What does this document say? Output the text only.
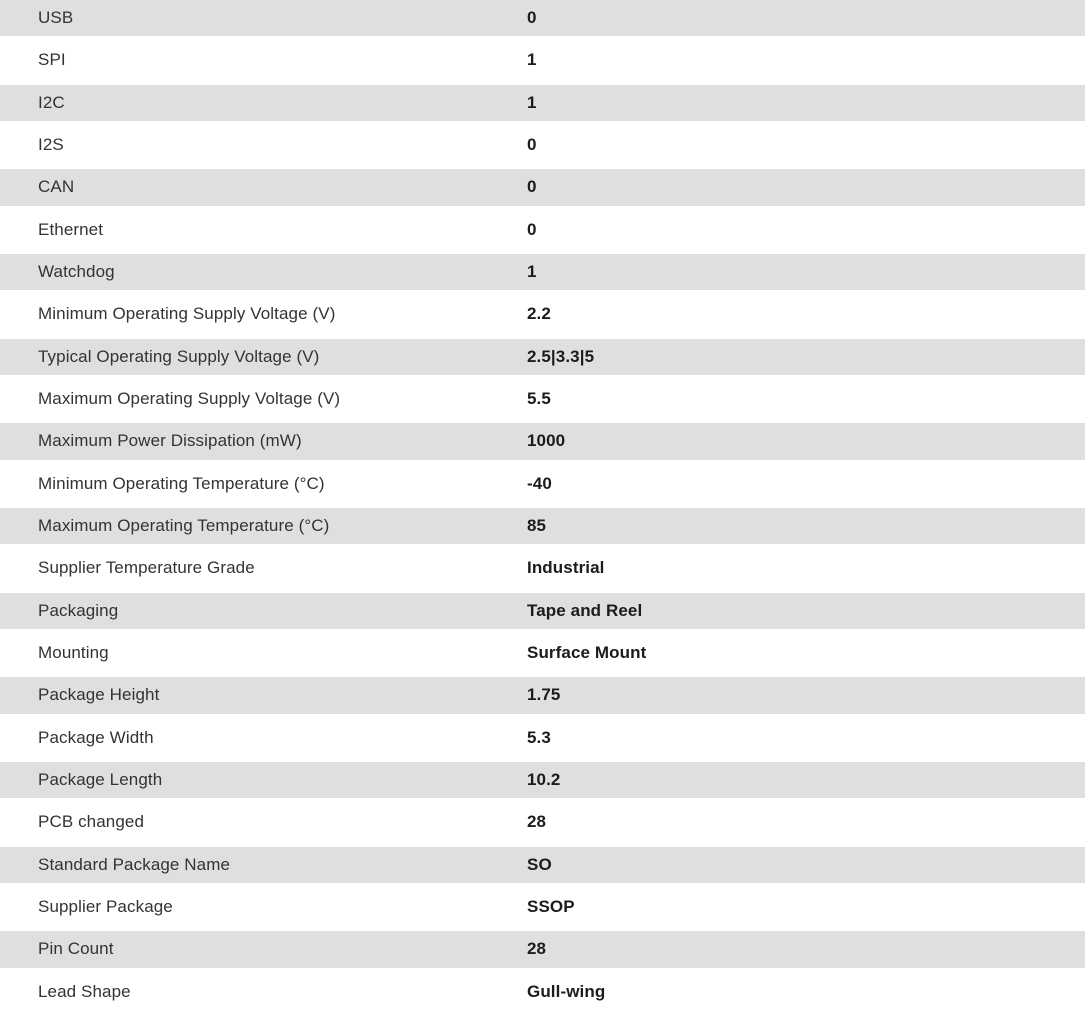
USB	0
SPI	1
I2C	1
I2S	0
CAN	0
Ethernet	0
Watchdog	1
Minimum Operating Supply Voltage (V)	2.2
Typical Operating Supply Voltage (V)	2.5|3.3|5
Maximum Operating Supply Voltage (V)	5.5
Maximum Power Dissipation (mW)	1000
Minimum Operating Temperature (°C)	-40
Maximum Operating Temperature (°C)	85
Supplier Temperature Grade	Industrial
Packaging	Tape and Reel
Mounting	Surface Mount
Package Height	1.75
Package Width	5.3
Package Length	10.2
PCB changed	28
Standard Package Name	SO
Supplier Package	SSOP
Pin Count	28
Lead Shape	Gull-wing
